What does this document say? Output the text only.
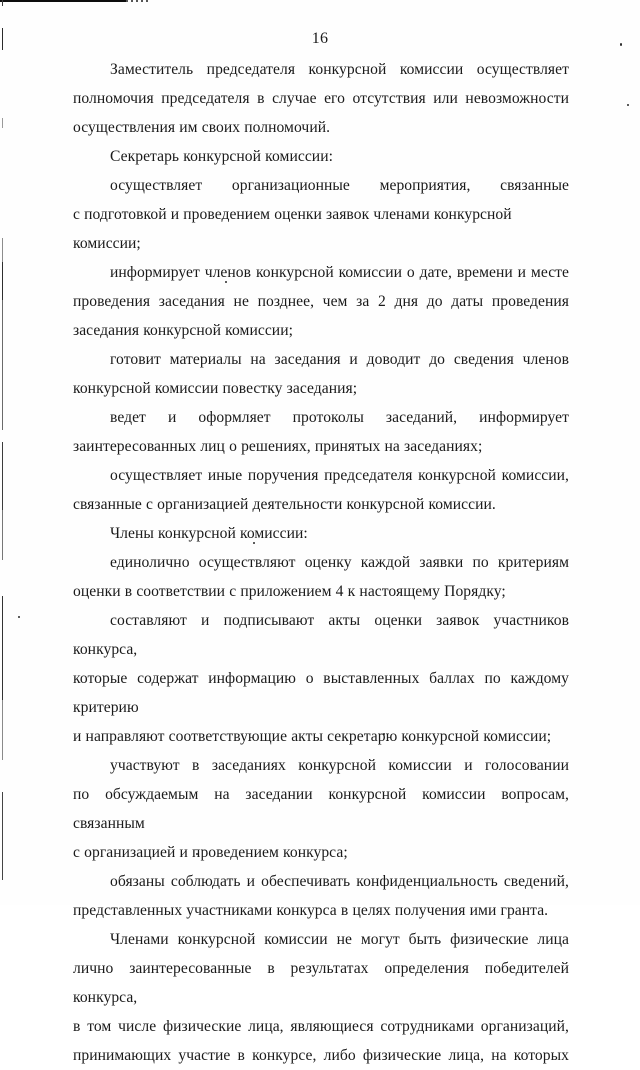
16

Заместитель председателя конкурсной комиссии осуществляет
полномочия председателя в случае его отсутствия или невозможности
осуществления им своих полномочий.

Секретарь конкурсной комиссии:

осуществляет организационные мероприятия, связанные
с подготовкой и проведением оценки заявок членами конкурсной комиссии;

информирует членов конкурсной комиссии о дате, времени и месте
проведения заседания не позднее, чем за 2 дня до даты проведения
заседания конкурсной комиссии;

готовит материалы на заседания и доводит до сведения членов
конкурсной комиссии повестку заседания;

ведет и оформляет протоколы заседаний, информирует
заинтересованных лиц о решениях, принятых на заседаниях;

осуществляет иные поручения председателя конкурсной комиссии,
связанные с организацией деятельности конкурсной комиссии.

Члены конкурсной комиссии:

единолично осуществляют оценку каждой заявки по критериям
оценки в соответствии с приложением 4 к настоящему Порядку;

составляют и подписывают акты оценки заявок участников конкурса,
которые содержат информацию о выставленных баллах по каждому критерию
и направляют соответствующие акты секретарю конкурсной комиссии;

участвуют в заседаниях конкурсной комиссии и голосовании
по обсуждаемым на заседании конкурсной комиссии вопросам, связанным
с организацией и проведением конкурса;

обязаны соблюдать и обеспечивать конфиденциальность сведений,
представленных участниками конкурса в целях получения ими гранта.

Членами конкурсной комиссии не могут быть физические лица
лично заинтересованные в результатах определения победителей конкурса,
в том числе физические лица, являющиеся сотрудниками организаций,
принимающих участие в конкурсе, либо физические лица, на которых
